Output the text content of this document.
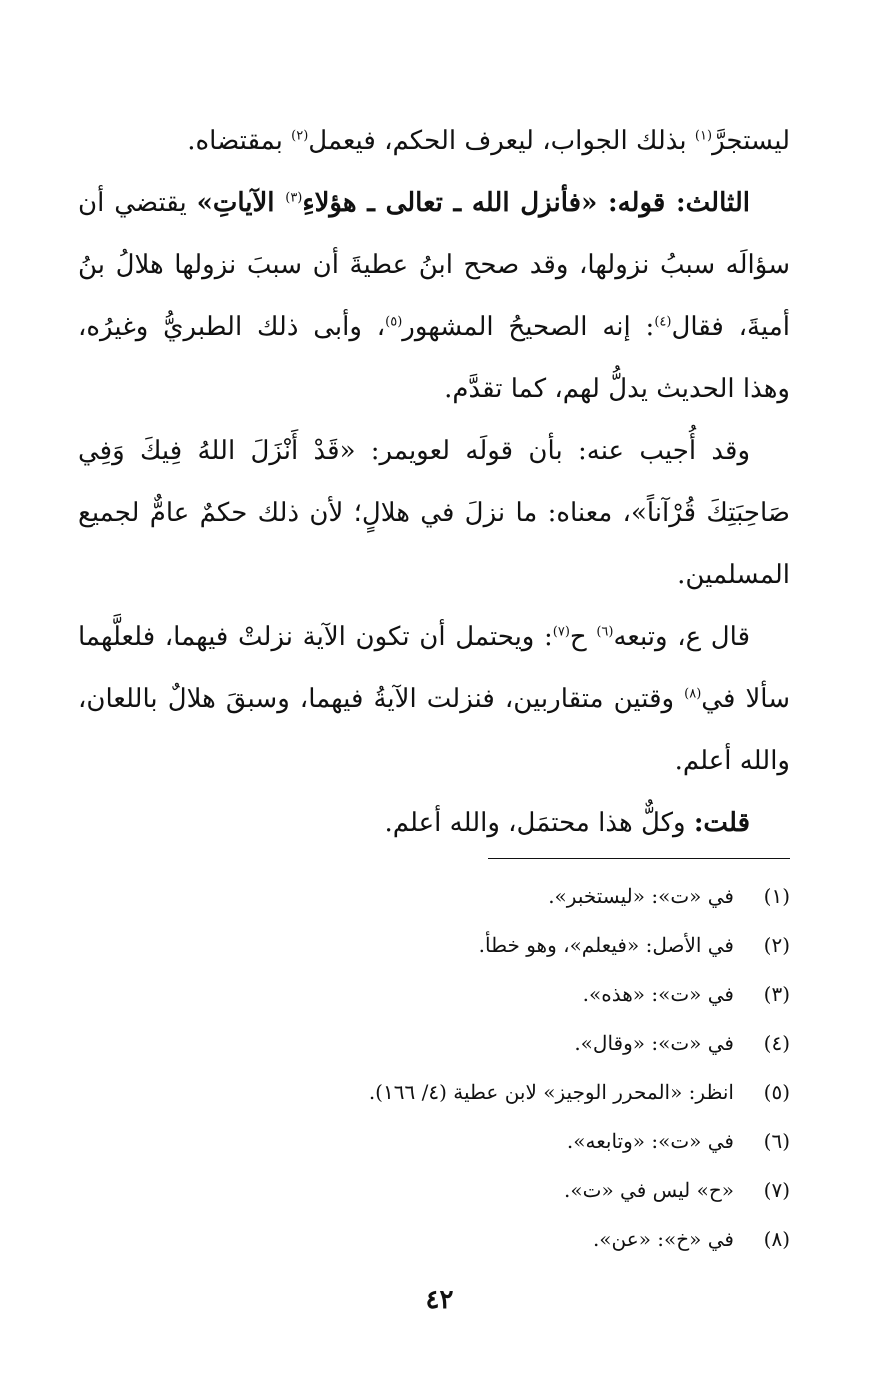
ليستجرَّ$^{(١)}$ بذلك الجواب، ليعرف الحكم، فيعمل$^{(٢)}$ بمقتضاه.

الثالث: قوله: «فأنزل الله ـ تعالى ـ هؤلاءِ$^{(٣)}$ الآياتِ» يقتضي أن سؤالَه سببُ نزولها، وقد صحح ابنُ عطيةَ أن سببَ نزولها هلالُ بنُ أميةَ، فقال$^{(٤)}$: إنه الصحيحُ المشهور$^{(٥)}$، وأبى ذلك الطبريُّ وغيرُه، وهذا الحديث يدلُّ لهم، كما تقدَّم.

وقد أُجيب عنه: بأن قولَه لعويمر: «قَدْ أَنْزَلَ اللهُ فِيكَ وَفِي صَاحِبَتِكَ قُرْآناً»، معناه: ما نزلَ في هلالٍ؛ لأن ذلك حكمٌ عامٌّ لجميع المسلمين.

قال ع، وتبعه$^{(٦)}$ ح$^{(٧)}$: ويحتمل أن تكون الآية نزلتْ فيهما، فلعلَّهما سألا في$^{(٨)}$ وقتين متقاربين، فنزلت الآيةُ فيهما، وسبقَ هلالٌ باللعان، والله أعلم.

قلت: وكلٌّ هذا محتمَل، والله أعلم.

(١)في «ت»: «ليستخبر».
(٢)في الأصل: «فيعلم»، وهو خطأ.
(٣)في «ت»: «هذه».
(٤)في «ت»: «وقال».
(٥)انظر: «المحرر الوجيز» لابن عطية (٤/ ١٦٦).
(٦)في «ت»: «وتابعه».
(٧)«ح» ليس في «ت».
(٨)في «خ»: «عن».
٤٢
